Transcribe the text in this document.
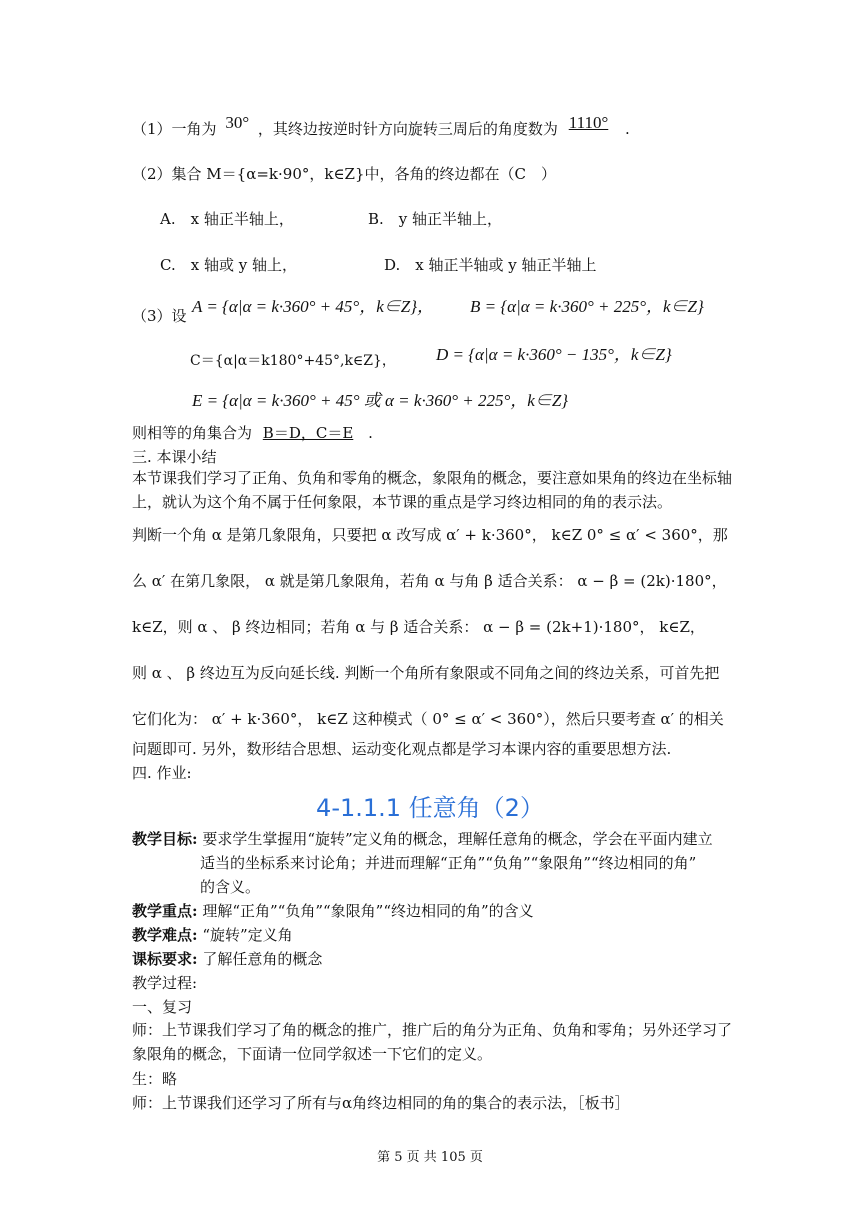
（1）一角为 30° ，其终边按逆时针方向旋转三周后的角度数为 1110° .
（2）集合 M＝{α=k·90°，k∈Z}中，各角的终边都在（C　）
A.　x 轴正半轴上，	B.　y 轴正半轴上，
C.　x 轴或 y 轴上，	D.　x 轴正半轴或 y 轴正半轴上
（3）设 A = {α|α = k·360° + 45°，k∈Z}， B = {α|α = k·360° + 225°，k∈Z}
C＝{α|α＝k180°+45°,k∈Z}， D = {α|α = k·360° − 135°，k∈Z}
E = {α|α = k·360° + 45° 或 α = k·360° + 225°，k∈Z}
则相等的角集合为 B＝D，C＝E .
三. 本课小结
本节课我们学习了正角、负角和零角的概念，象限角的概念，要注意如果角的终边在坐标轴上，就认为这个角不属于任何象限，本节课的重点是学习终边相同的角的表示法。
判断一个角 α 是第几象限角，只要把 α 改写成 α′ + k·360°， k∈Z 0° ≤ α′ < 360°，那
么 α′ 在第几象限， α 就是第几象限角，若角 α 与角 β 适合关系： α − β = (2k)·180°，
k∈Z，则 α 、 β 终边相同；若角 α 与 β 适合关系： α − β = (2k+1)·180°， k∈Z，
则 α 、 β 终边互为反向延长线. 判断一个角所有象限或不同角之间的终边关系，可首先把
它们化为： α′ + k·360°， k∈Z 这种模式（ 0° ≤ α′ < 360°），然后只要考查 α′ 的相关
问题即可. 另外，数形结合思想、运动变化观点都是学习本课内容的重要思想方法.
四. 作业:
4-1.1.1 任意角（2）
教学目标: 要求学生掌握用“旋转”定义角的概念，理解任意角的概念，学会在平面内建立
适当的坐标系来讨论角；并进而理解“正角”“负角”“象限角”“终边相同的角”
的含义。
教学重点: 理解“正角”“负角”“象限角”“终边相同的角”的含义
教学难点: “旋转”定义角
课标要求: 了解任意角的概念
教学过程:
一、复习
师：上节课我们学习了角的概念的推广，推广后的角分为正角、负角和零角；另外还学习了象限角的概念，下面请一位同学叙述一下它们的定义。
生：略
师：上节课我们还学习了所有与α角终边相同的角的集合的表示法，［板书］
第 5 页 共 105 页
